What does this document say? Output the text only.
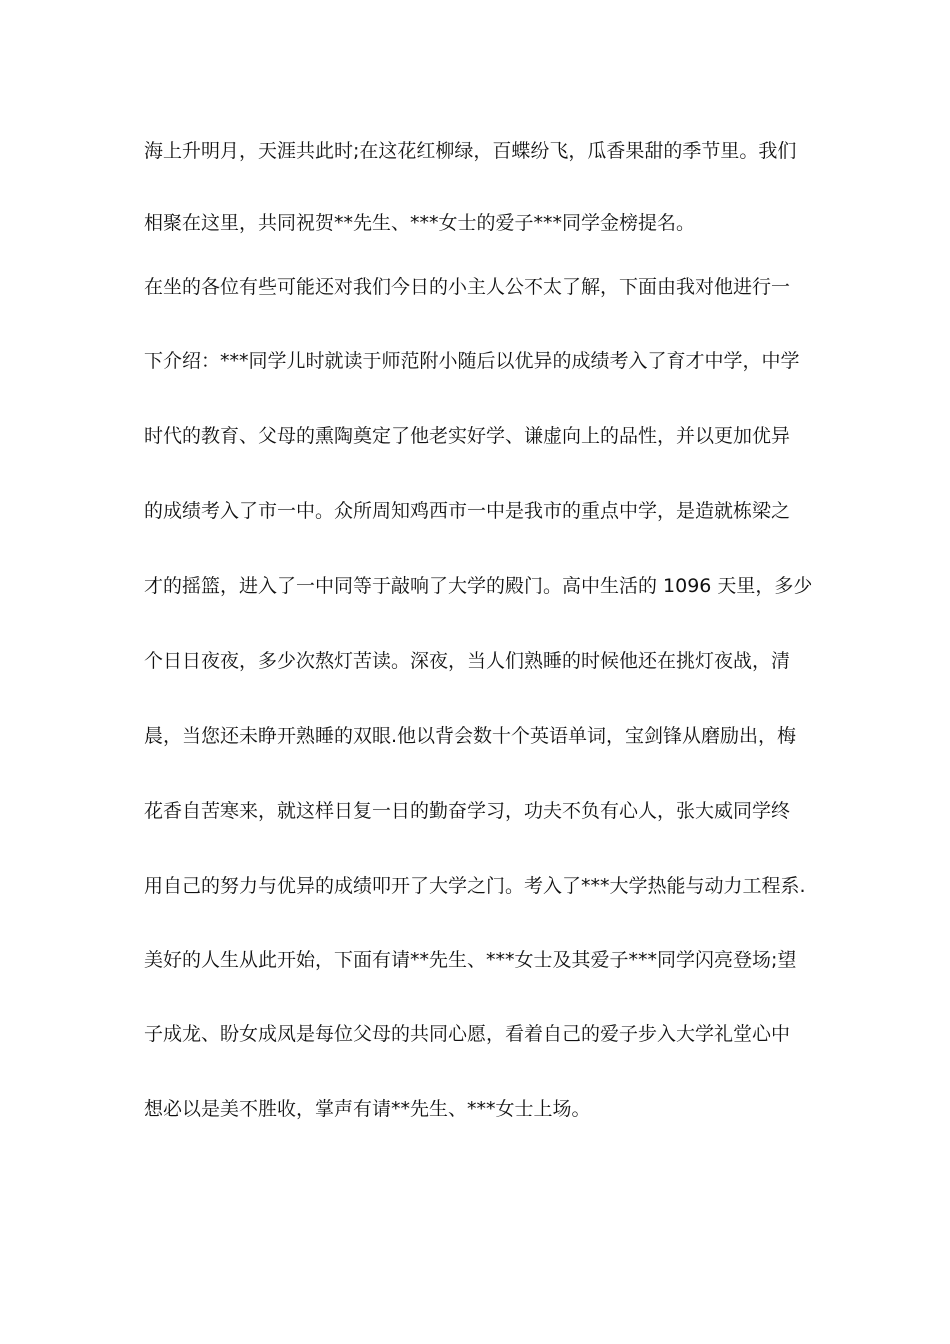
海上升明月，天涯共此时;在这花红柳绿，百蝶纷飞，瓜香果甜的季节里。我们
相聚在这里，共同祝贺**先生、***女士的爱子***同学金榜提名。
在坐的各位有些可能还对我们今日的小主人公不太了解，下面由我对他进行一
下介绍：***同学儿时就读于师范附小随后以优异的成绩考入了育才中学，中学
时代的教育、父母的熏陶奠定了他老实好学、谦虚向上的品性，并以更加优异
的成绩考入了市一中。众所周知鸡西市一中是我市的重点中学，是造就栋梁之
才的摇篮，进入了一中同等于敲响了大学的殿门。高中生活的 1096 天里，多少
个日日夜夜，多少次熬灯苦读。深夜，当人们熟睡的时候他还在挑灯夜战，清
晨，当您还未睁开熟睡的双眼.他以背会数十个英语单词，宝剑锋从磨励出，梅
花香自苦寒来，就这样日复一日的勤奋学习，功夫不负有心人，张大威同学终
用自己的努力与优异的成绩叩开了大学之门。考入了***大学热能与动力工程系.
美好的人生从此开始，下面有请**先生、***女士及其爱子***同学闪亮登场;望
子成龙、盼女成凤是每位父母的共同心愿，看着自己的爱子步入大学礼堂心中
想必以是美不胜收，掌声有请**先生、***女士上场。
